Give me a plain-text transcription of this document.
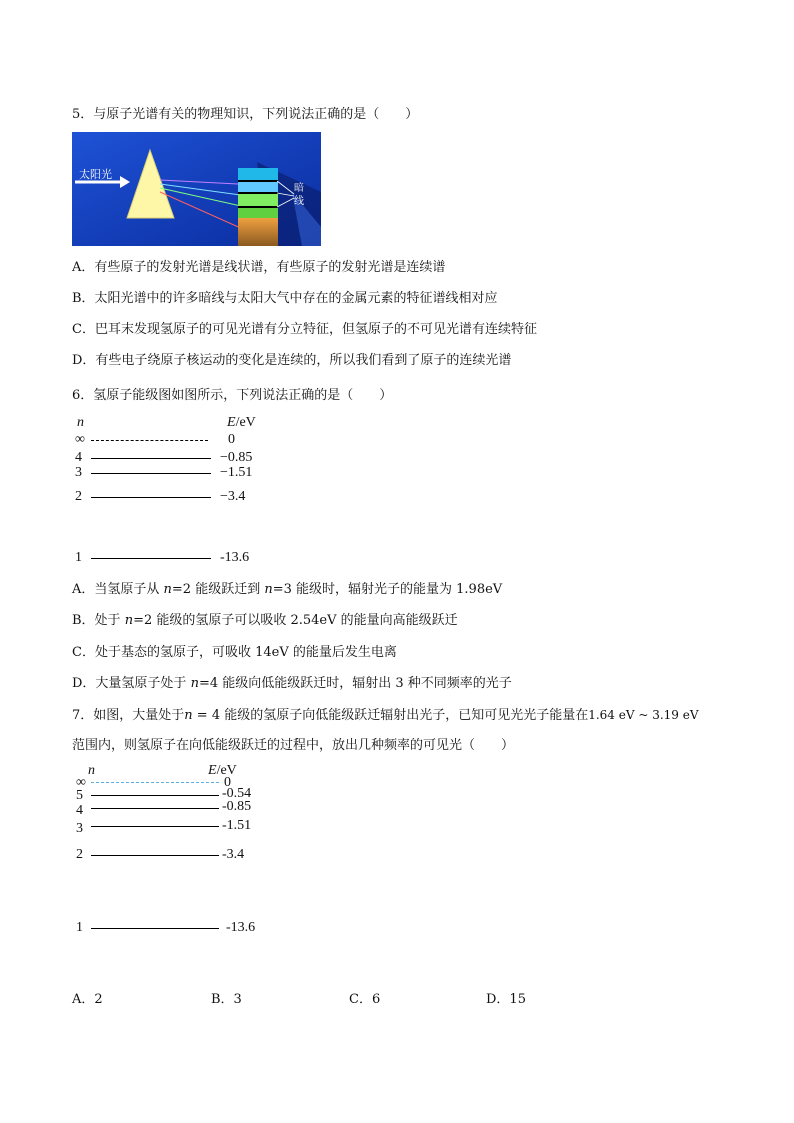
5．与原子光谱有关的物理知识，下列说法正确的是（　　）
太阳光
暗
线
A．有些原子的发射光谱是线状谱，有些原子的发射光谱是连续谱
B．太阳光谱中的许多暗线与太阳大气中存在的金属元素的特征谱线相对应
C．巴耳末发现氢原子的可见光谱有分立特征，但氢原子的不可见光谱有连续特征
D．有些电子绕原子核运动的变化是连续的，所以我们看到了原子的连续光谱
6．氢原子能级图如图所示，下列说法正确的是（　　）
n	E/eV
∞	0
4	−0.85
3	−1.51
2	−3.4
1	-13.6
A．当氢原子从 n=2 能级跃迁到 n=3 能级时，辐射光子的能量为 1.98eV
B．处于 n=2 能级的氢原子可以吸收 2.54eV 的能量向高能级跃迁
C．处于基态的氢原子，可吸收 14eV 的能量后发生电离
D．大量氢原子处于 n=4 能级向低能级跃迁时，辐射出 3 种不同频率的光子
7．如图，大量处于n = 4 能级的氢原子向低能级跃迁辐射出光子，已知可见光光子能量在1.64 eV ~ 3.19 eV
范围内，则氢原子在向低能级跃迁的过程中，放出几种频率的可见光（　　）
n	E/eV
∞	0
5	-0.54
4	-0.85
3	-1.51
2	-3.4
1	-13.6
A．2	B．3	C．6	D．15
